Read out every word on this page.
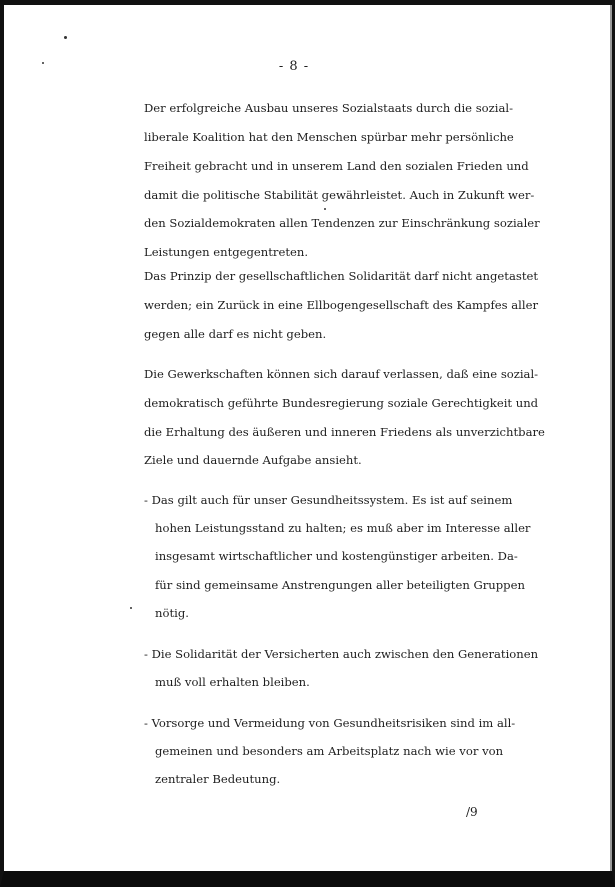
- 8 -

Der erfolgreiche Ausbau unseres Sozialstaats durch die sozial-

liberale Koalition hat den Menschen spürbar mehr persönliche

Freiheit gebracht und in unserem Land den sozialen Frieden und

damit die politische Stabilität gewährleistet. Auch in Zukunft wer-

den Sozialdemokraten allen Tendenzen zur Einschränkung sozialer

Leistungen entgegentreten.

Das Prinzip der gesellschaftlichen Solidarität darf nicht angetastet

werden; ein Zurück in eine Ellbogengesellschaft des Kampfes aller

gegen alle darf es nicht geben.

Die Gewerkschaften können sich darauf verlassen, daß eine sozial-

demokratisch geführte Bundesregierung soziale Gerechtigkeit und

die Erhaltung des äußeren und inneren Friedens als unverzichtbare

Ziele und dauernde Aufgabe ansieht.

- Das gilt auch für unser Gesundheitssystem. Es ist auf seinem

hohen Leistungsstand zu halten; es muß aber im Interesse aller

insgesamt wirtschaftlicher und kostengünstiger arbeiten. Da-

für sind gemeinsame Anstrengungen aller beteiligten Gruppen

nötig.

- Die Solidarität der Versicherten auch zwischen den Generationen

muß voll erhalten bleiben.

- Vorsorge und Vermeidung von Gesundheitsrisiken sind im all-

gemeinen und besonders am Arbeitsplatz nach wie vor von

zentraler Bedeutung.

/9
